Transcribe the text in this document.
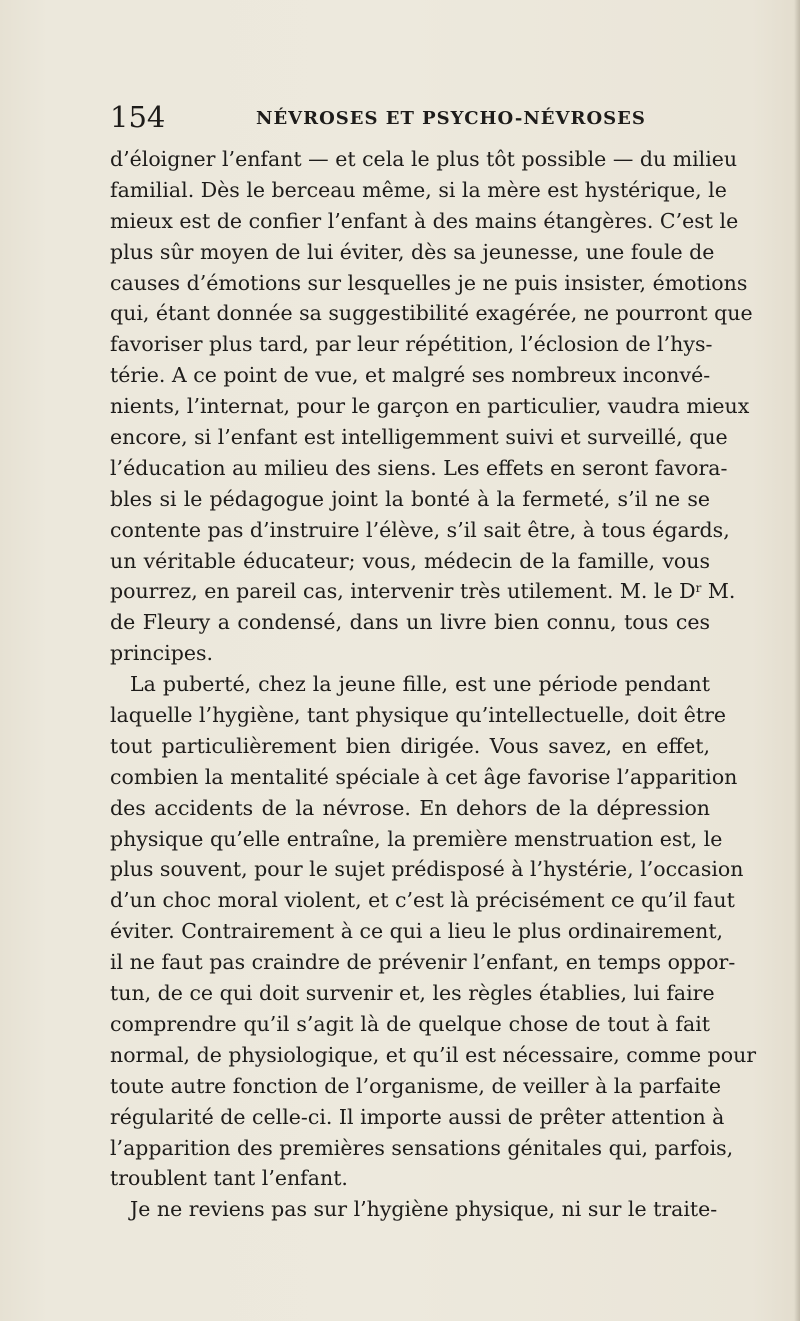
154	NÉVROSES ET PSYCHO-NÉVROSES
d’éloigner l’enfant — et cela le plus tôt possible — du milieu
familial. Dès le berceau même, si la mère est hystérique, le
mieux est de confier l’enfant à des mains étangères. C’est le
plus sûr moyen de lui éviter, dès sa jeunesse, une foule de
causes d’émotions sur lesquelles je ne puis insister, émotions
qui, étant donnée sa suggestibilité exagérée, ne pourront que
favoriser plus tard, par leur répétition, l’éclosion de l’hys-
térie. A ce point de vue, et malgré ses nombreux inconvé-
nients, l’internat, pour le garçon en particulier, vaudra mieux
encore, si l’enfant est intelligemment suivi et surveillé, que
l’éducation au milieu des siens. Les effets en seront favora-
bles si le pédagogue joint la bonté à la fermeté, s’il ne se
contente pas d’instruire l’élève, s’il sait être, à tous égards,
un véritable éducateur; vous, médecin de la famille, vous
pourrez, en pareil cas, intervenir très utilement. M. le $D^r$ M.
de Fleury a condensé, dans un livre bien connu, tous ces
principes.
La puberté, chez la jeune fille, est une période pendant
laquelle l’hygiène, tant physique qu’intellectuelle, doit être
tout particulièrement bien dirigée. Vous savez, en effet,
combien la mentalité spéciale à cet âge favorise l’apparition
des accidents de la névrose. En dehors de la dépression
physique qu’elle entraîne, la première menstruation est, le
plus souvent, pour le sujet prédisposé à l’hystérie, l’occasion
d’un choc moral violent, et c’est là précisément ce qu’il faut
éviter. Contrairement à ce qui a lieu le plus ordinairement,
il ne faut pas craindre de prévenir l’enfant, en temps oppor-
tun, de ce qui doit survenir et, les règles établies, lui faire
comprendre qu’il s’agit là de quelque chose de tout à fait
normal, de physiologique, et qu’il est nécessaire, comme pour
toute autre fonction de l’organisme, de veiller à la parfaite
régularité de celle-ci. Il importe aussi de prêter attention à
l’apparition des premières sensations génitales qui, parfois,
troublent tant l’enfant.
Je ne reviens pas sur l’hygiène physique, ni sur le traite-
